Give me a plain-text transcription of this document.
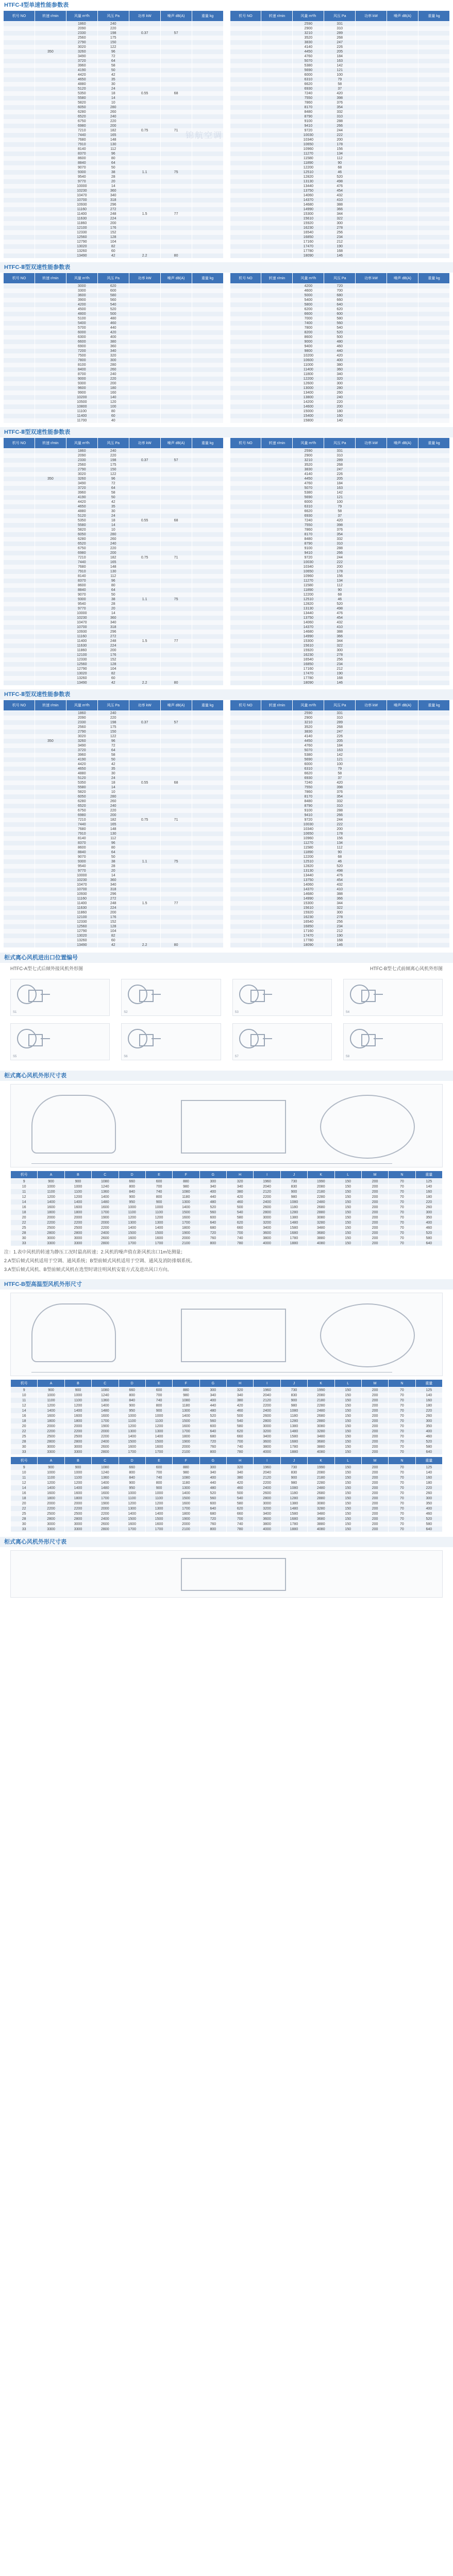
HTFC-Ⅰ型单速性能参数表
机号 NO	转速 r/min	风量 m³/h	风压 Pa	功率 kW	噪声 dB(A)	重量 kg
		1860	240			
		2090	220			
		2330	198	0.37	57	
		2560	175			
		2790	150			
		3020	122			
	350	3260	96			
		3490	72			
		3720	64			
		3960	58			
		4190	50			
		4420	42			
		4650	35			
		4880	30			
		5120	24			
		5350	18	0.55	68	
		5580	14			
		5820	10			
		6050	280			
		6280	260			
		6520	240			
		6750	220			
		6980	200			
		7210	182	0.75	71	
		7440	165			
		7680	148			
		7910	130			
		8140	112			
		8370	96			
		8600	80			
		8840	64			
		9070	50			
		9300	38	1.1	75	
		9540	28			
		9770	20			
		10000	14			
		10230	360			
		10470	340			
		10700	318			
		10930	296			
		11160	272			
		11400	248	1.5	77	
		11630	224			
		11860	200			
		12100	176			
		12330	152			
		12560	128			
		12790	104			
		13020	82			
		13260	60			
		13490	42	2.2	80	
机号 NO	转速 r/min	风量 m³/h	风压 Pa	功率 kW	噪声 dB(A)	重量 kg
		2590	331			
		2900	310			
		3210	289			
		3520	268			
		3830	247			
		4140	226			
		4450	205			
		4760	184			
		5070	163			
		5380	142			
		5690	121			
		6000	100			
		6310	79			
		6620	58			
		6930	37			
		7240	420			
		7550	398			
		7860	376			
		8170	354			
		8480	332			
		8790	310			
		9100	288			
		9410	266			
		9720	244			
		10030	222			
		10340	200			
		10650	178			
		10960	156			
		11270	134			
		11580	112			
		11890	90			
		12200	68			
		12510	46			
		12820	520			
		13130	498			
		13440	476			
		13750	454			
		14060	432			
		14370	410			
		14680	388			
		14990	366			
		15300	344			
		15610	322			
		15920	300			
		16230	278			
		16540	256			
		16850	234			
		17160	212			
		17470	190			
		17780	168			
		18090	146			
锦航空调
HTFC-Ⅱ型双速性能参数表
机号 NO	转速 r/min	风量 m³/h	风压 Pa	功率 kW	噪声 dB(A)	重量 kg
		3000	620			
		3300	600			
		3600	580			
		3900	560			
		4200	540			
		4500	520			
		4800	500			
		5100	480			
		5400	460			
		5700	440			
		6000	420			
		6300	400			
		6600	380			
		6900	360			
		7200	340			
		7500	320			
		7800	300			
		8100	280			
		8400	260			
		8700	240			
		9000	220			
		9300	200			
		9600	180			
		9900	160			
		10200	140			
		10500	120			
		10800	100			
		11100	80			
		11400	60			
		11700	40			
机号 NO	转速 r/min	风量 m³/h	风压 Pa	功率 kW	噪声 dB(A)	重量 kg
		4200	720			
		4600	700			
		5000	680			
		5400	660			
		5800	640			
		6200	620			
		6600	600			
		7000	580			
		7400	560			
		7800	540			
		8200	520			
		8600	500			
		9000	480			
		9400	460			
		9800	440			
		10200	420			
		10600	400			
		11000	380			
		11400	360			
		11800	340			
		12200	320			
		12600	300			
		13000	280			
		13400	260			
		13800	240			
		14200	220			
		14600	200			
		15000	180			
		15400	160			
		15800	140			
HTFC-Ⅱ型双速性能参数表
机号 NO	转速 r/min	风量 m³/h	风压 Pa	功率 kW	噪声 dB(A)	重量 kg
		1860	240			
		2090	220			
		2330	198	0.37	57	
		2560	175			
		2790	150			
		3020	122			
	350	3260	96			
		3490	72			
		3720	64			
		3960	58			
		4190	50			
		4420	42			
		4650	35			
		4880	30			
		5120	24			
		5350	18	0.55	68	
		5580	14			
		5820	10			
		6050	280			
		6280	260			
		6520	240			
		6750	220			
		6980	200			
		7210	182	0.75	71	
		7440	165			
		7680	148			
		7910	130			
		8140	112			
		8370	96			
		8600	80			
		8840	64			
		9070	50			
		9300	38	1.1	75	
		9540	28			
		9770	20			
		10000	14			
		10230	360			
		10470	340			
		10700	318			
		10930	296			
		11160	272			
		11400	248	1.5	77	
		11630	224			
		11860	200			
		12100	176			
		12330	152			
		12560	128			
		12790	104			
		13020	82			
		13260	60			
		13490	42	2.2	80	
机号 NO	转速 r/min	风量 m³/h	风压 Pa	功率 kW	噪声 dB(A)	重量 kg
		2590	331			
		2900	310			
		3210	289			
		3520	268			
		3830	247			
		4140	226			
		4450	205			
		4760	184			
		5070	163			
		5380	142			
		5690	121			
		6000	100			
		6310	79			
		6620	58			
		6930	37			
		7240	420			
		7550	398			
		7860	376			
		8170	354			
		8480	332			
		8790	310			
		9100	288			
		9410	266			
		9720	244			
		10030	222			
		10340	200			
		10650	178			
		10960	156			
		11270	134			
		11580	112			
		11890	90			
		12200	68			
		12510	46			
		12820	520			
		13130	498			
		13440	476			
		13750	454			
		14060	432			
		14370	410			
		14680	388			
		14990	366			
		15300	344			
		15610	322			
		15920	300			
		16230	278			
		16540	256			
		16850	234			
		17160	212			
		17470	190			
		17780	168			
		18090	146			
HTFC-Ⅱ型双速性能参数表
机号 NO	转速 r/min	风量 m³/h	风压 Pa	功率 kW	噪声 dB(A)	重量 kg
		1860	240			
		2090	220			
		2330	198	0.37	57	
		2560	175			
		2790	150			
		3020	122			
	350	3260	96			
		3490	72			
		3720	64			
		3960	58			
		4190	50			
		4420	42			
		4650	35			
		4880	30			
		5120	24			
		5350	18	0.55	68	
		5580	14			
		5820	10			
		6050	280			
		6280	260			
		6520	240			
		6750	220			
		6980	200			
		7210	182	0.75	71	
		7440	165			
		7680	148			
		7910	130			
		8140	112			
		8370	96			
		8600	80			
		8840	64			
		9070	50			
		9300	38	1.1	75	
		9540	28			
		9770	20			
		10000	14			
		10230	360			
		10470	340			
		10700	318			
		10930	296			
		11160	272			
		11400	248	1.5	77	
		11630	224			
		11860	200			
		12100	176			
		12330	152			
		12560	128			
		12790	104			
		13020	82			
		13260	60			
		13490	42	2.2	80	
机号 NO	转速 r/min	风量 m³/h	风压 Pa	功率 kW	噪声 dB(A)	重量 kg
		2590	331			
		2900	310			
		3210	289			
		3520	268			
		3830	247			
		4140	226			
		4450	205			
		4760	184			
		5070	163			
		5380	142			
		5690	121			
		6000	100			
		6310	79			
		6620	58			
		6930	37			
		7240	420			
		7550	398			
		7860	376			
		8170	354			
		8480	332			
		8790	310			
		9100	288			
		9410	266			
		9720	244			
		10030	222			
		10340	200			
		10650	178			
		10960	156			
		11270	134			
		11580	112			
		11890	90			
		12200	68			
		12510	46			
		12820	520			
		13130	498			
		13440	476			
		13750	454			
		14060	432			
		14370	410			
		14680	388			
		14990	366			
		15300	344			
		15610	322			
		15920	300			
		16230	278			
		16540	256			
		16850	234			
		17160	212			
		17470	190			
		17780	168			
		18090	146			
柜式离心风机进出口位置编号
HTFC-A型七式后倾外接风机外形图	HTFC-B型七式前倾离心风机外形图
S1	S2	S3	S4
S5	S6	S7	S8
柜式离心风机外形尺寸表
机号	A	B	C	D	E	F	G	H	I	J	K	L	M	N	重量
9	900	900	1080	660	600	880	300	320	1960	730	1990	150	200	70	125
10	1000	1000	1240	800	700	980	340	340	2040	830	2080	150	200	70	140
11	1100	1100	1360	840	740	1080	400	380	2120	900	2180	150	200	70	160
12	1200	1200	1400	900	800	1180	440	420	2200	980	2280	150	200	70	180
14	1400	1400	1480	950	900	1300	480	460	2400	1080	2480	150	200	70	220
16	1600	1600	1600	1000	1000	1400	520	500	2600	1180	2680	150	200	70	260
18	1800	1800	1700	1100	1100	1500	560	540	2800	1280	2880	150	200	70	300
20	2000	2000	1900	1200	1200	1600	600	580	3000	1380	3080	150	200	70	350
22	2200	2200	2000	1300	1300	1700	640	620	3200	1480	3280	150	200	70	400
25	2500	2500	2200	1400	1400	1800	680	660	3400	1580	3480	150	200	70	460
28	2800	2800	2400	1500	1500	1900	720	700	3600	1680	3680	150	200	70	520
30	3000	3000	2600	1600	1600	2000	760	740	3800	1780	3880	150	200	70	580
33	3300	3300	2800	1700	1700	2100	800	780	4000	1880	4080	150	200	70	640
注：1.表中风机的转速为静压工况时最高转速；2.风机的噪声值在距风机出口1m处测量；
2.A型后倾式风机适用于空调、通风系统；B型前倾式风机适用于空调、通风及消防排烟系统。
3.A型后倾式风机、B型前倾式风机在选型时请注明风机安装方式及进出风口方向。
HTFC-B型高温型风机外形尺寸
机号	A	B	C	D	E	F	G	H	I	J	K	L	M	N	重量
9	900	900	1080	660	600	880	300	320	1960	730	1990	150	200	70	125
10	1000	1000	1240	800	700	980	340	340	2040	830	2080	150	200	70	140
11	1100	1100	1360	840	740	1080	400	380	2120	900	2180	150	200	70	160
12	1200	1200	1400	900	800	1180	440	420	2200	980	2280	150	200	70	180
14	1400	1400	1480	950	900	1300	480	460	2400	1080	2480	150	200	70	220
16	1600	1600	1600	1000	1000	1400	520	500	2600	1180	2680	150	200	70	260
18	1800	1800	1700	1100	1100	1500	560	540	2800	1280	2880	150	200	70	300
20	2000	2000	1900	1200	1200	1600	600	580	3000	1380	3080	150	200	70	350
22	2200	2200	2000	1300	1300	1700	640	620	3200	1480	3280	150	200	70	400
25	2500	2500	2200	1400	1400	1800	680	660	3400	1580	3480	150	200	70	460
28	2800	2800	2400	1500	1500	1900	720	700	3600	1680	3680	150	200	70	520
30	3000	3000	2600	1600	1600	2000	760	740	3800	1780	3880	150	200	70	580
33	3300	3300	2800	1700	1700	2100	800	780	4000	1880	4080	150	200	70	640
机号	A	B	C	D	E	F	G	H	I	J	K	L	M	N	重量
9	900	900	1080	660	600	880	300	320	1960	730	1990	150	200	70	125
10	1000	1000	1240	800	700	980	340	340	2040	830	2080	150	200	70	140
11	1100	1100	1360	840	740	1080	400	380	2120	900	2180	150	200	70	160
12	1200	1200	1400	900	800	1180	440	420	2200	980	2280	150	200	70	180
14	1400	1400	1480	950	900	1300	480	460	2400	1080	2480	150	200	70	220
16	1600	1600	1600	1000	1000	1400	520	500	2600	1180	2680	150	200	70	260
18	1800	1800	1700	1100	1100	1500	560	540	2800	1280	2880	150	200	70	300
20	2000	2000	1900	1200	1200	1600	600	580	3000	1380	3080	150	200	70	350
22	2200	2200	2000	1300	1300	1700	640	620	3200	1480	3280	150	200	70	400
25	2500	2500	2200	1400	1400	1800	680	660	3400	1580	3480	150	200	70	460
28	2800	2800	2400	1500	1500	1900	720	700	3600	1680	3680	150	200	70	520
30	3000	3000	2600	1600	1600	2000	760	740	3800	1780	3880	150	200	70	580
33	3300	3300	2800	1700	1700	2100	800	780	4000	1880	4080	150	200	70	640
柜式离心风机外形尺寸表
